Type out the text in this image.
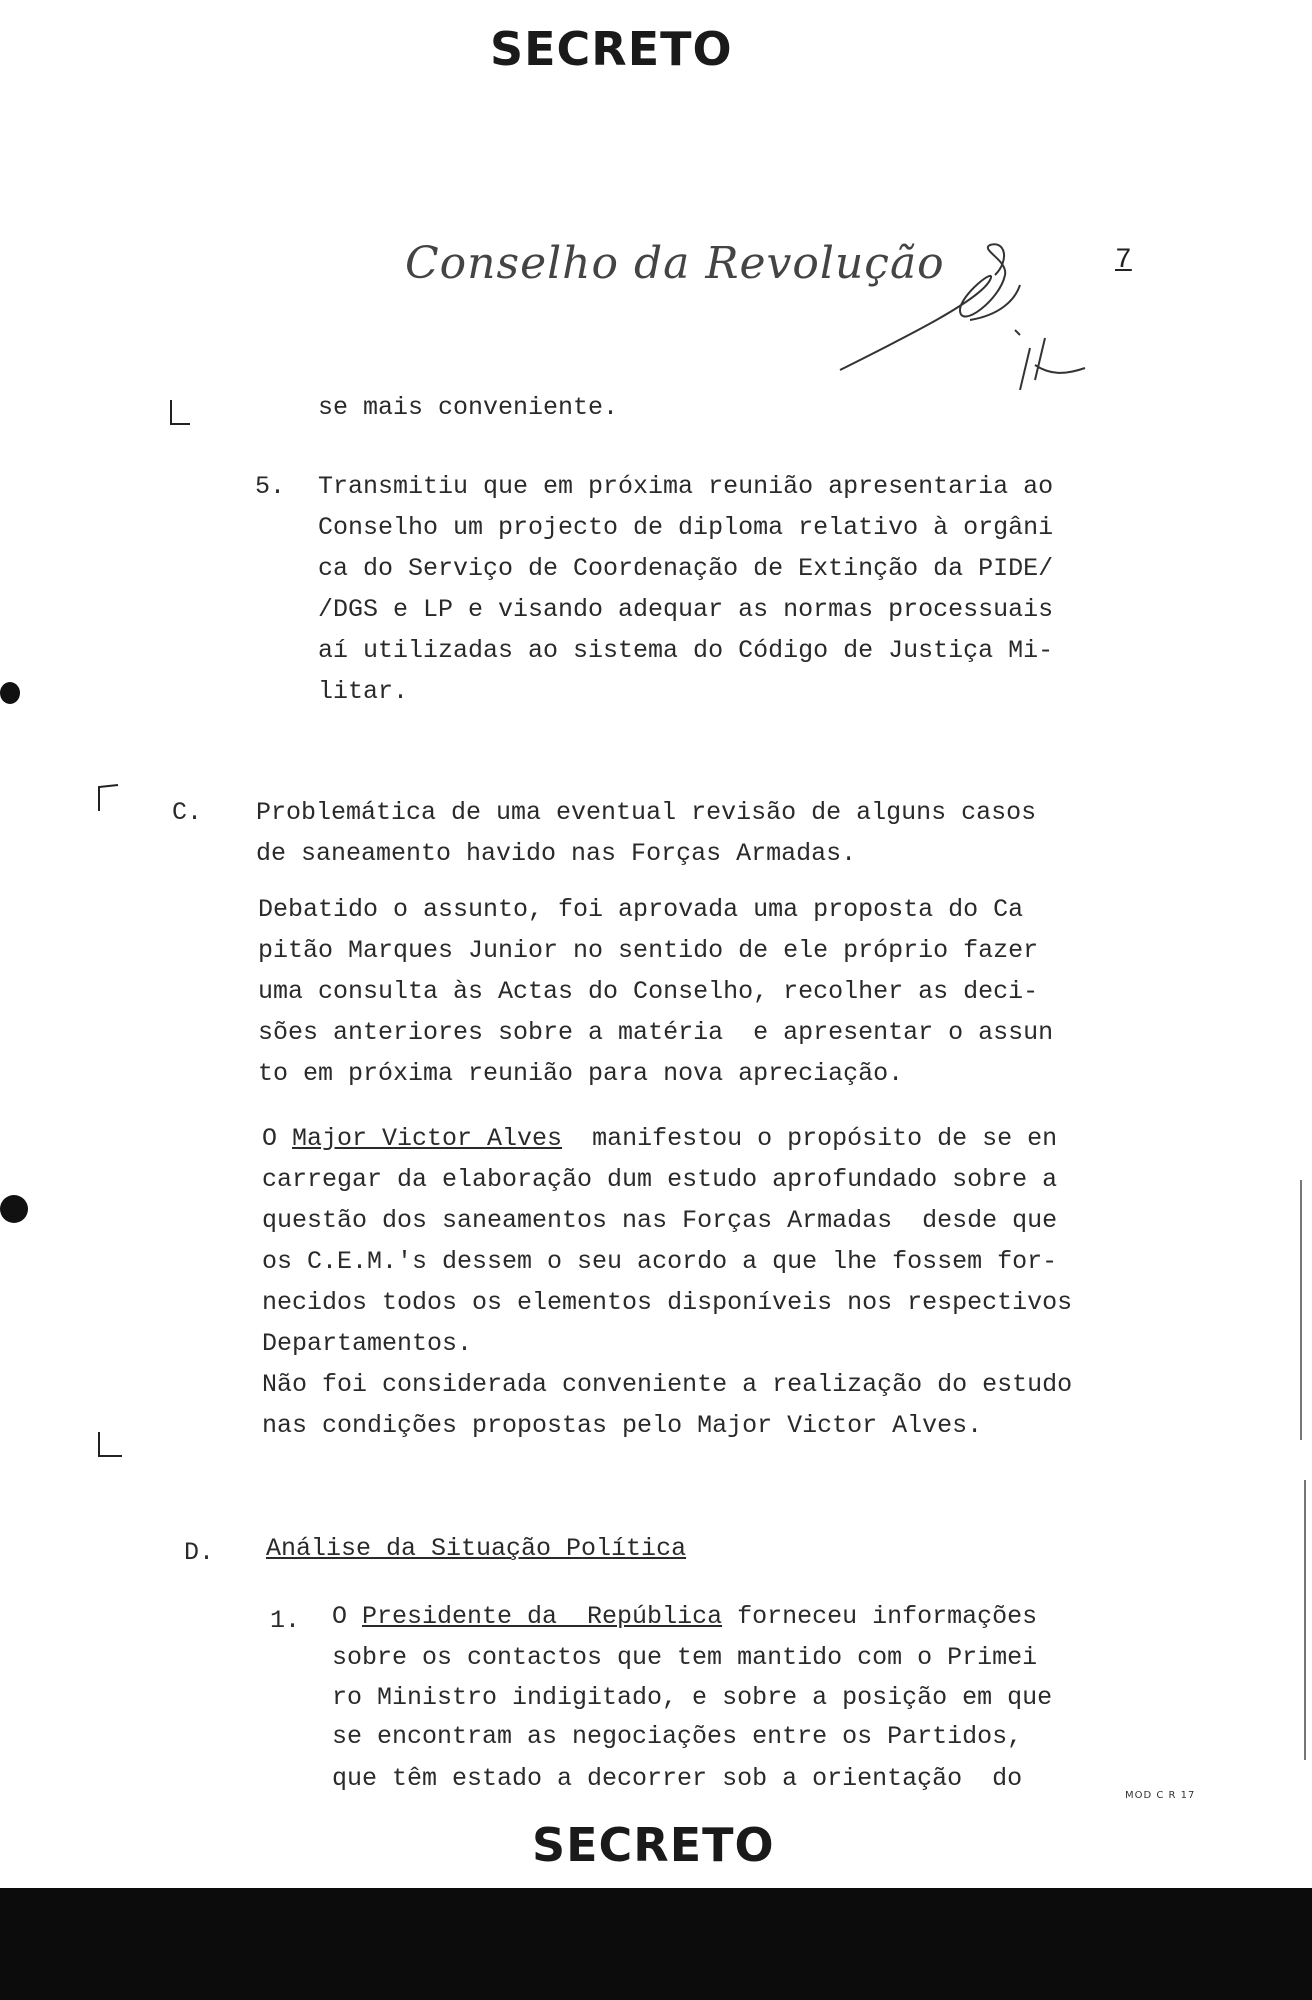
SECRETO
SECRETO
Conselho da Revolução	7
se mais conveniente.
5. Transmitiu que em próxima reunião apresentaria ao
Conselho um projecto de diploma relativo à orgâni
ca do Serviço de Coordenação de Extinção da PIDE/
/DGS e LP e visando adequar as normas processuais
aí utilizadas ao sistema do Código de Justiça Mi-
litar.
C. Problemática de uma eventual revisão de alguns casos
de saneamento havido nas Forças Armadas.
Debatido o assunto, foi aprovada uma proposta do Ca
pitão Marques Junior no sentido de ele próprio fazer
uma consulta às Actas do Conselho, recolher as deci-
sões anteriores sobre a matéria  e apresentar o assun
to em próxima reunião para nova apreciação.
O Major Victor Alves  manifestou o propósito de se en
carregar da elaboração dum estudo aprofundado sobre a
questão dos saneamentos nas Forças Armadas  desde que
os C.E.M.'s dessem o seu acordo a que lhe fossem for-
necidos todos os elementos disponíveis nos respectivos
Departamentos.
Não foi considerada conveniente a realização do estudo
nas condições propostas pelo Major Victor Alves.
D. Análise da Situação Política
1. O Presidente da  República forneceu informações
sobre os contactos que tem mantido com o Primei
ro Ministro indigitado, e sobre a posição em que
se encontram as negociações entre os Partidos,
que têm estado a decorrer sob a orientação  do
MOD C R 17
